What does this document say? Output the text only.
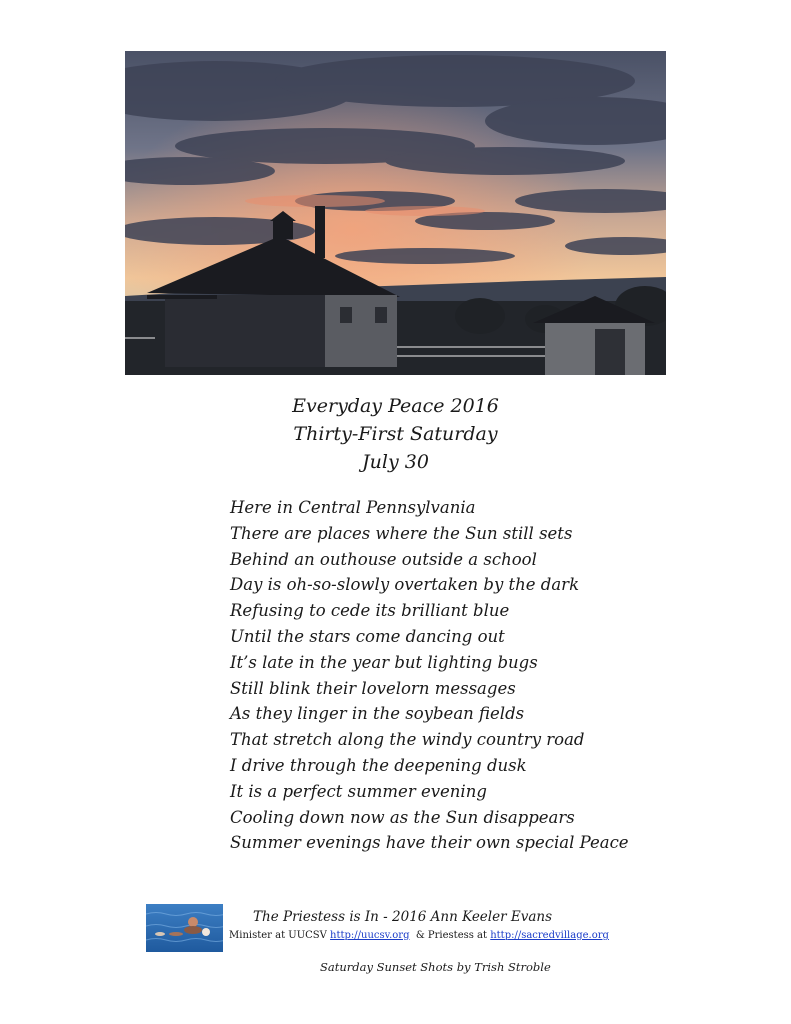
Everyday Peace 2016
Thirty-First Saturday
July 30
Here in Central Pennsylvania
There are places where the Sun still sets
Behind an outhouse outside a school
Day is oh-so-slowly overtaken by the dark
Refusing to cede its brilliant blue
Until the stars come dancing out
It’s late in the year but lighting bugs
Still blink their lovelorn messages
As they linger in the soybean fields
That stretch along the windy country road
I drive through the deepening dusk
It is a perfect summer evening
Cooling down now as the Sun disappears
Summer evenings have their own special Peace
The Priestess is In - 2016 Ann Keeler Evans
Minister at UUCSV http://uucsv.org  & Priestess at http://sacredvillage.org
Saturday Sunset Shots by Trish Stroble
